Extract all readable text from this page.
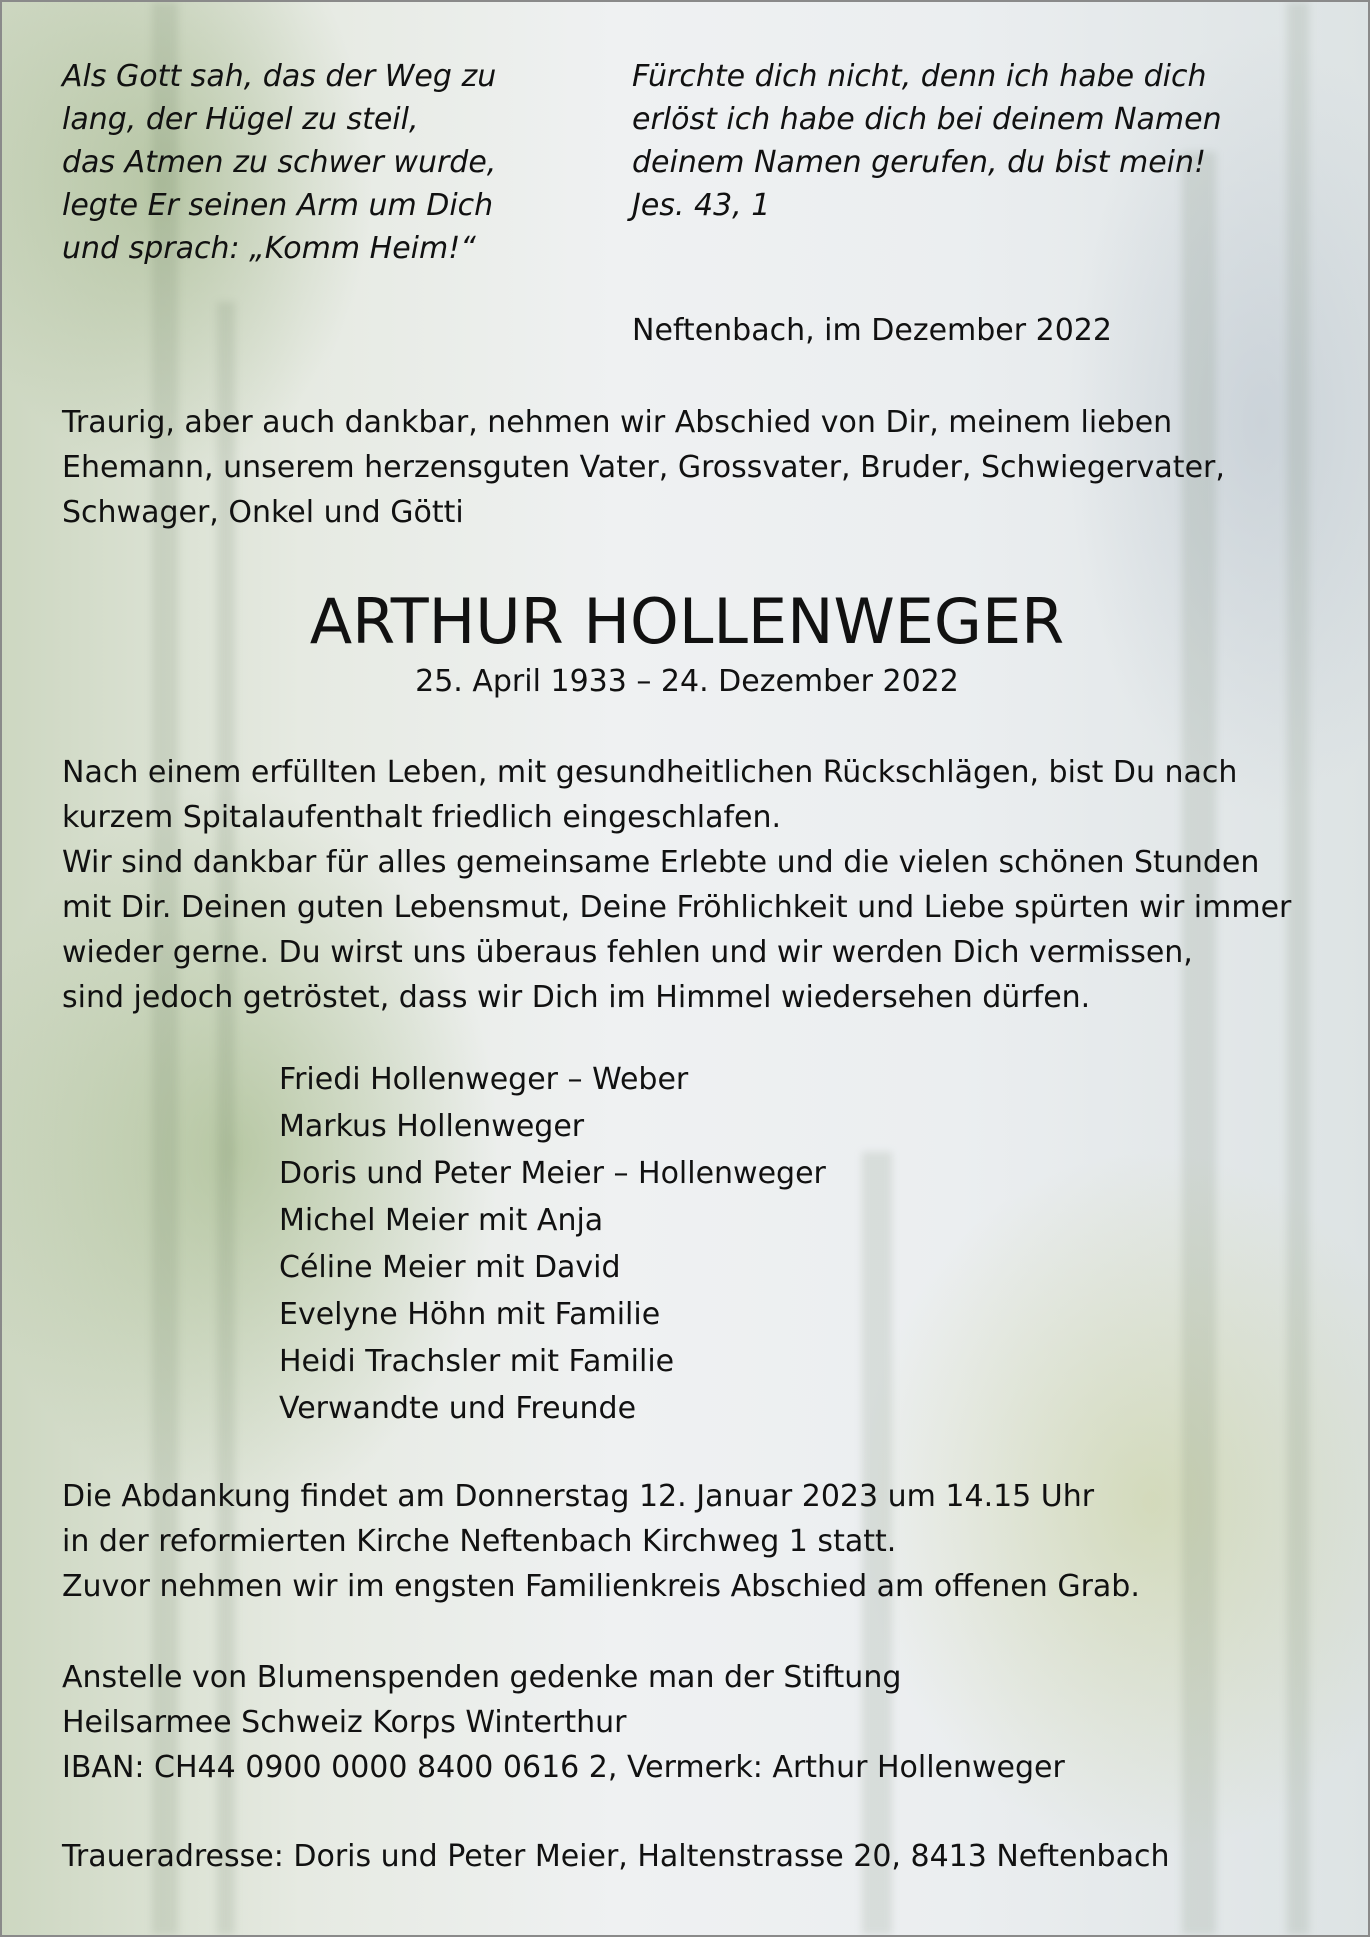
Als Gott sah, das der Weg zu
lang, der Hügel zu steil,
das Atmen zu schwer wurde,
legte Er seinen Arm um Dich
und sprach: „Komm Heim!“
Fürchte dich nicht, denn ich habe dich
erlöst ich habe dich bei deinem Namen
deinem Namen gerufen, du bist mein!
Jes. 43, 1
Neftenbach, im Dezember 2022
Traurig, aber auch dankbar, nehmen wir Abschied von Dir, meinem lieben
Ehemann, unserem herzensguten Vater, Grossvater, Bruder, Schwiegervater,
Schwager, Onkel und Götti
ARTHUR HOLLENWEGER
25. April 1933 – 24. Dezember 2022
Nach einem erfüllten Leben, mit gesundheitlichen Rückschlägen, bist Du nach
kurzem Spitalaufenthalt friedlich eingeschlafen.
Wir sind dankbar für alles gemeinsame Erlebte und die vielen schönen Stunden
mit Dir. Deinen guten Lebensmut, Deine Fröhlichkeit und Liebe spürten wir immer
wieder gerne. Du wirst uns überaus fehlen und wir werden Dich vermissen,
sind jedoch getröstet, dass wir Dich im Himmel wiedersehen dürfen.
Friedi Hollenweger – Weber
Markus Hollenweger
Doris und Peter Meier – Hollenweger
Michel Meier mit Anja
Céline Meier mit David
Evelyne Höhn mit Familie
Heidi Trachsler mit Familie
Verwandte und Freunde
Die Abdankung findet am Donnerstag 12. Januar 2023 um 14.15 Uhr
in der reformierten Kirche Neftenbach Kirchweg 1 statt.
Zuvor nehmen wir im engsten Familienkreis Abschied am offenen Grab.
Anstelle von Blumenspenden gedenke man der Stiftung
Heilsarmee Schweiz Korps Winterthur
IBAN: CH44 0900 0000 8400 0616 2, Vermerk: Arthur Hollenweger
Traueradresse: Doris und Peter Meier, Haltenstrasse 20, 8413 Neftenbach
